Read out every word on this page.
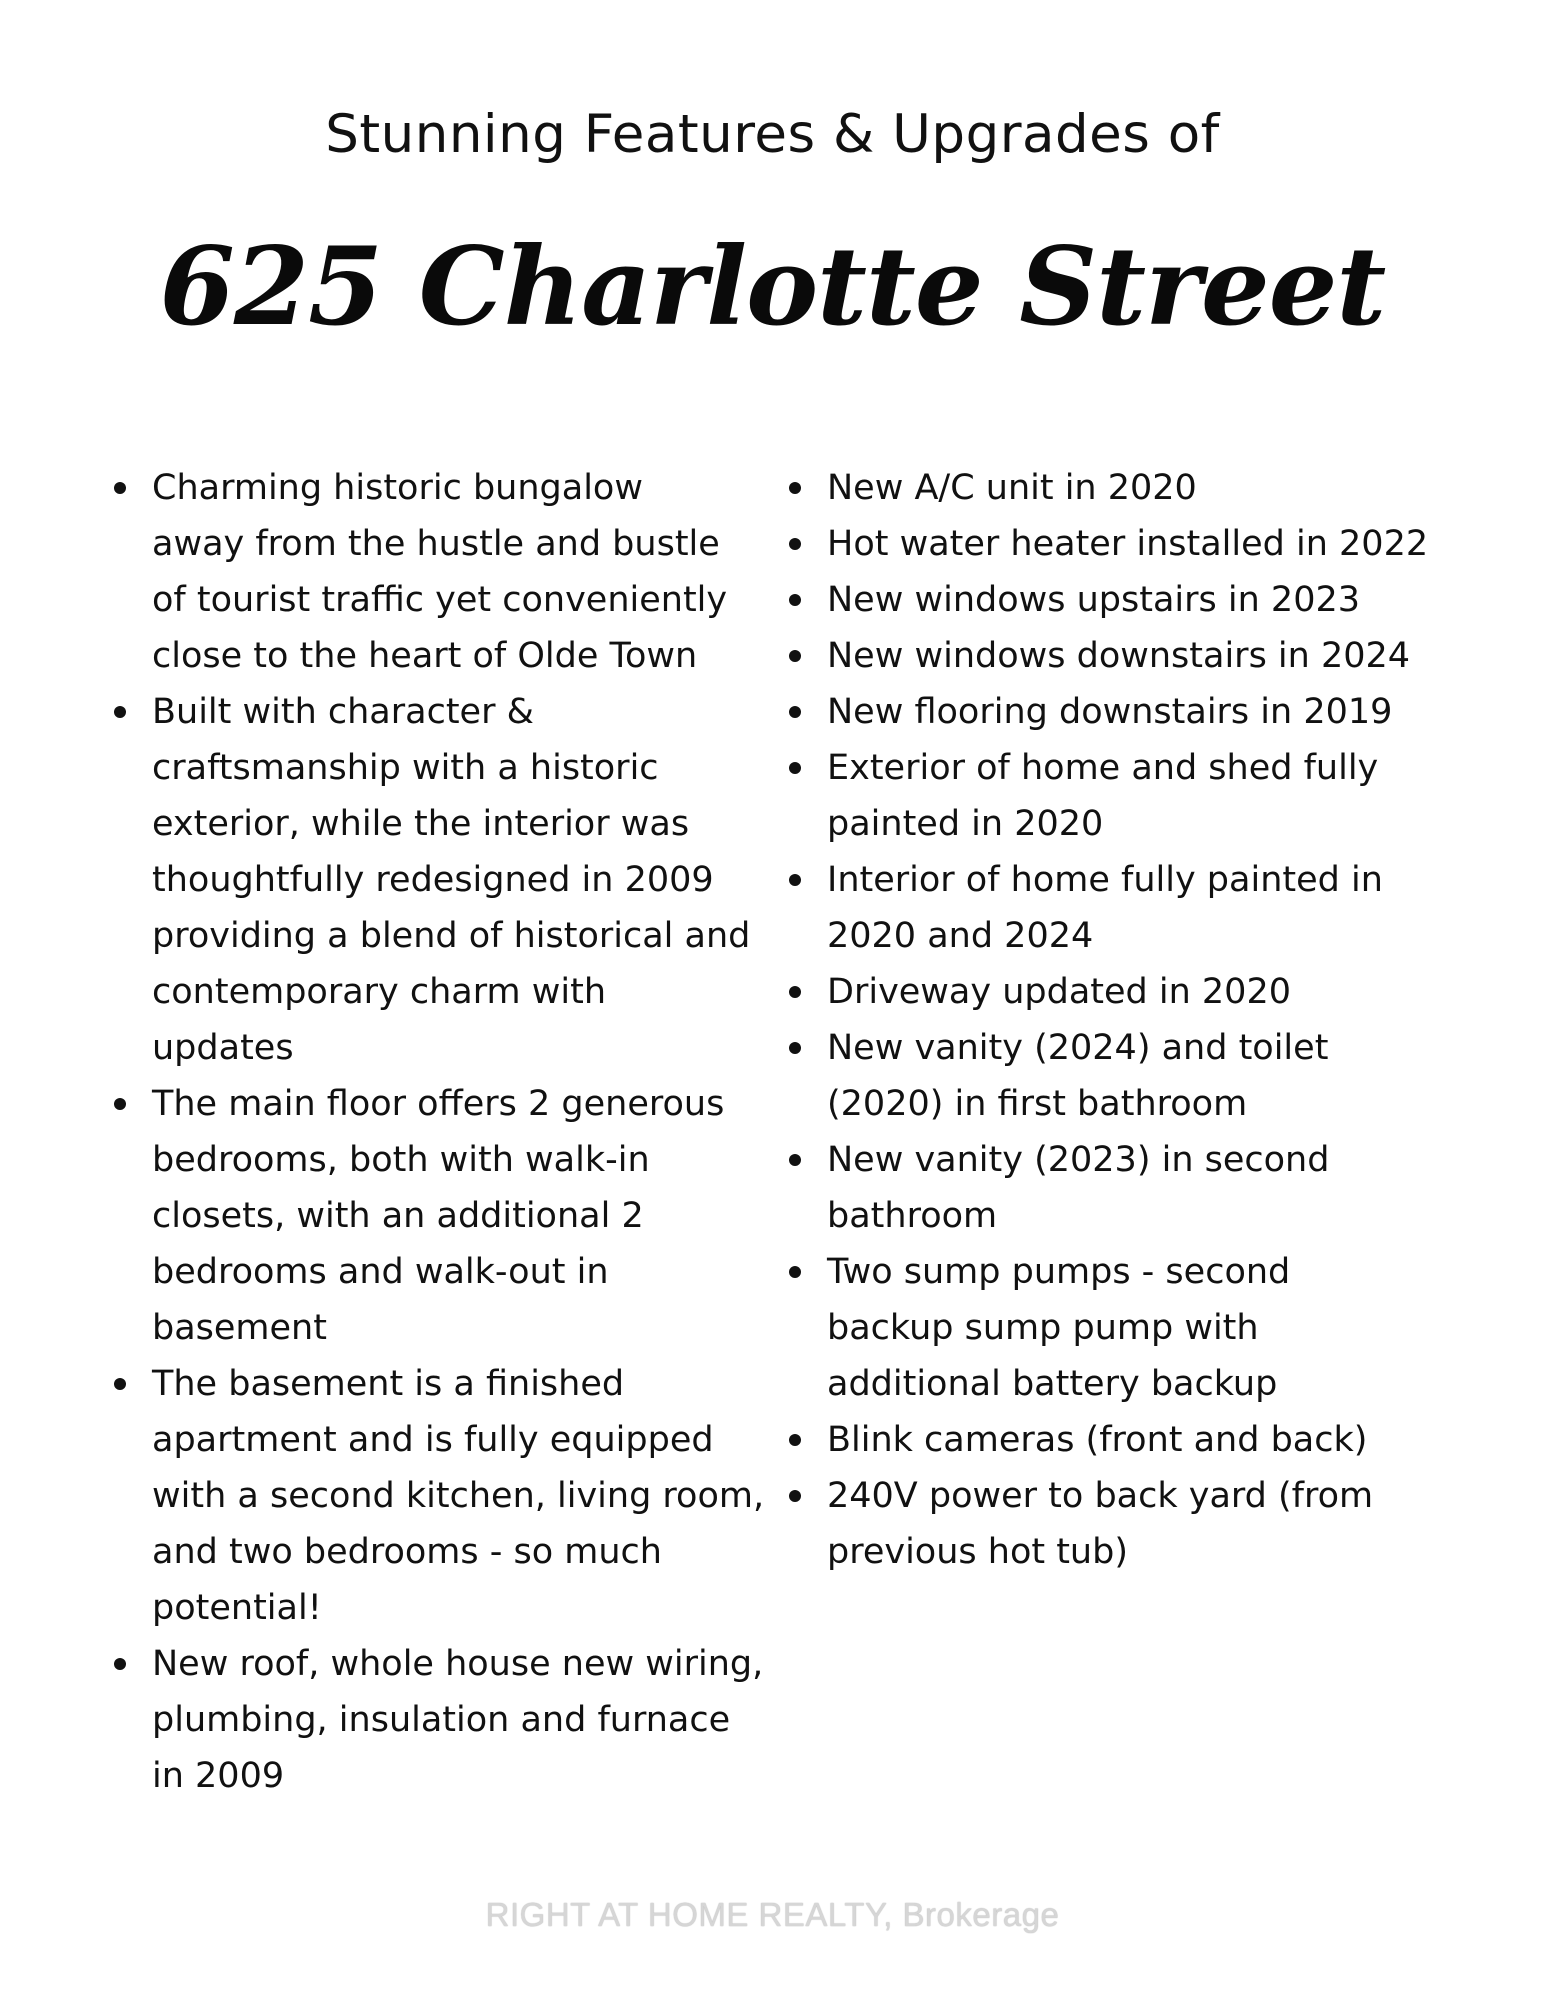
Stunning Features & Upgrades of
625 Charlotte Street
Charming historic bungalow
away from the hustle and bustle
of tourist traffic yet conveniently
close to the heart of Olde Town
Built with character &
craftsmanship with a historic
exterior, while the interior was
thoughtfully redesigned in 2009
providing a blend of historical and
contemporary charm with
updates
The main floor offers 2 generous
bedrooms, both with walk-in
closets, with an additional 2
bedrooms and walk-out in
basement
The basement is a finished
apartment and is fully equipped
with a second kitchen, living room,
and two bedrooms - so much
potential!
New roof, whole house new wiring,
plumbing, insulation and furnace
in 2009
New A/C unit in 2020
Hot water heater installed in 2022
New windows upstairs in 2023
New windows downstairs in 2024
New flooring downstairs in 2019
Exterior of home and shed fully
painted in 2020
Interior of home fully painted in
2020 and 2024
Driveway updated in 2020
New vanity (2024) and toilet
(2020) in first bathroom
New vanity (2023) in second
bathroom
Two sump pumps - second
backup sump pump with
additional battery backup
Blink cameras (front and back)
240V power to back yard (from
previous hot tub)

RIGHT AT HOME REALTY, Brokerage
